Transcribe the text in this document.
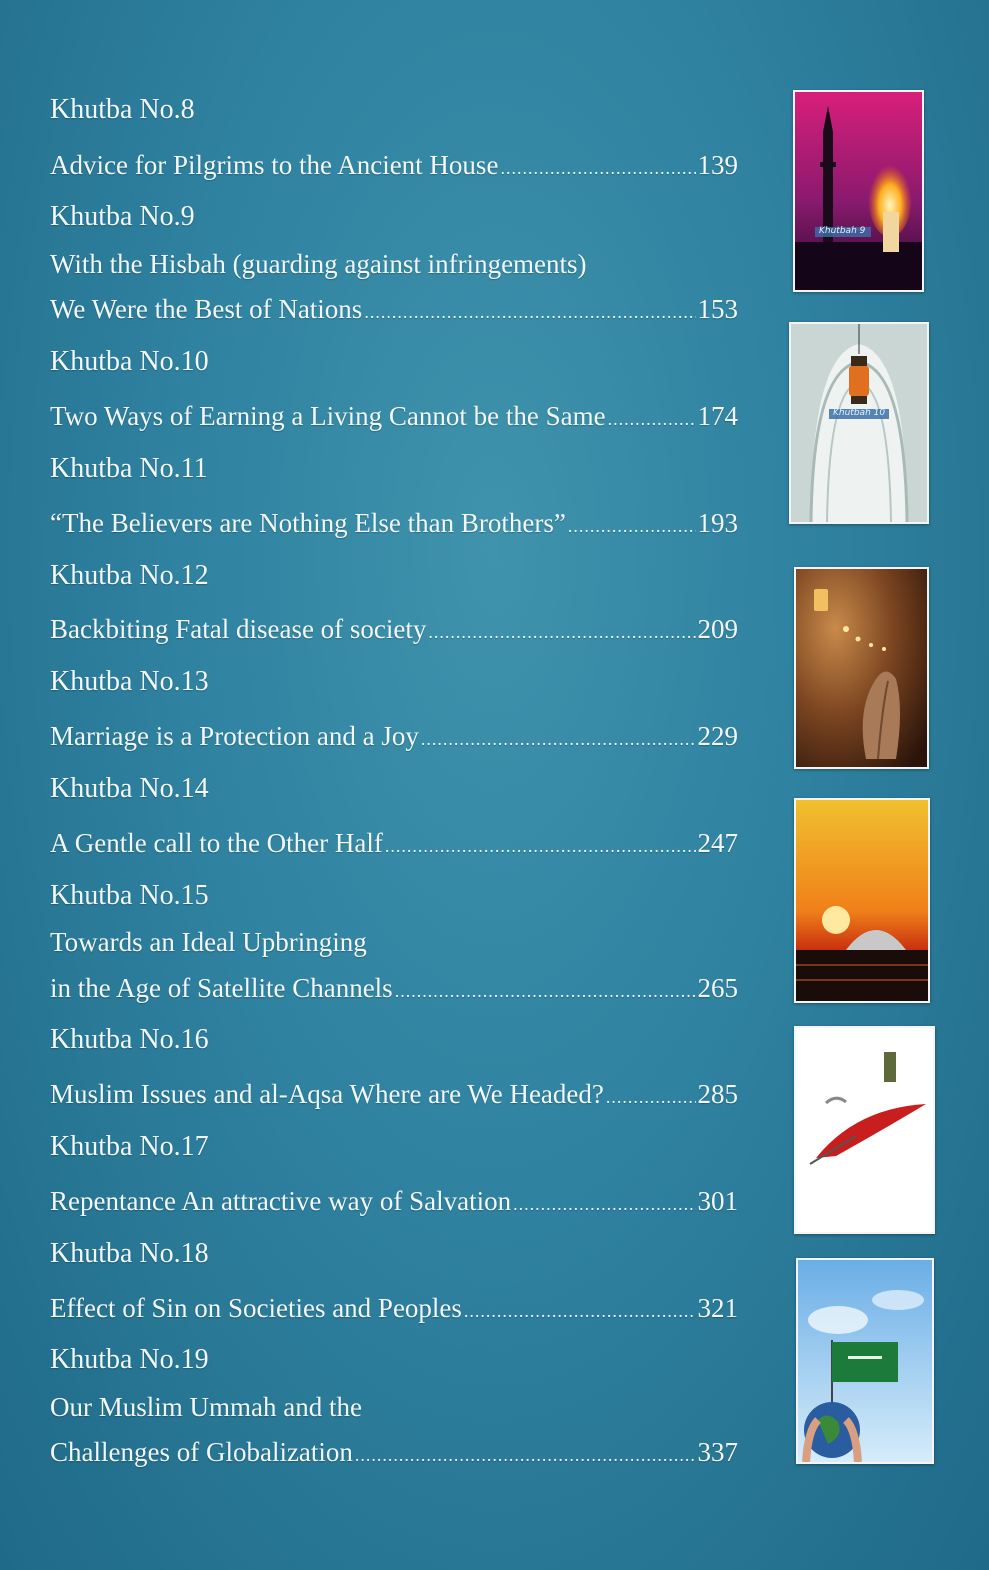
Khutba No.8
Advice for Pilgrims to the Ancient House .....	139
Khutba No.9
With the Hisbah (guarding against infringements)
We Were the Best of Nations .....	153
Khutba No.10
Two Ways of Earning a Living Cannot be the Same .....	174
Khutba No.11
“The Believers are Nothing Else than Brothers” .....	193
Khutba No.12
Backbiting Fatal disease of society .....	209
Khutba No.13
Marriage is a Protection and a Joy .....	229
Khutba No.14
A Gentle call to the Other Half .....	247
Khutba No.15
Towards an Ideal Upbringing
in the Age of Satellite Channels .....	265
Khutba No.16
Muslim Issues and al-Aqsa Where are We Headed? .....	285
Khutba No.17
Repentance An attractive way of Salvation .....	301
Khutba No.18
Effect of Sin on Societies and Peoples .....	321
Khutba No.19
Our Muslim Ummah and the
Challenges of Globalization .....	337
Khutbah 9
Khutbah 10
